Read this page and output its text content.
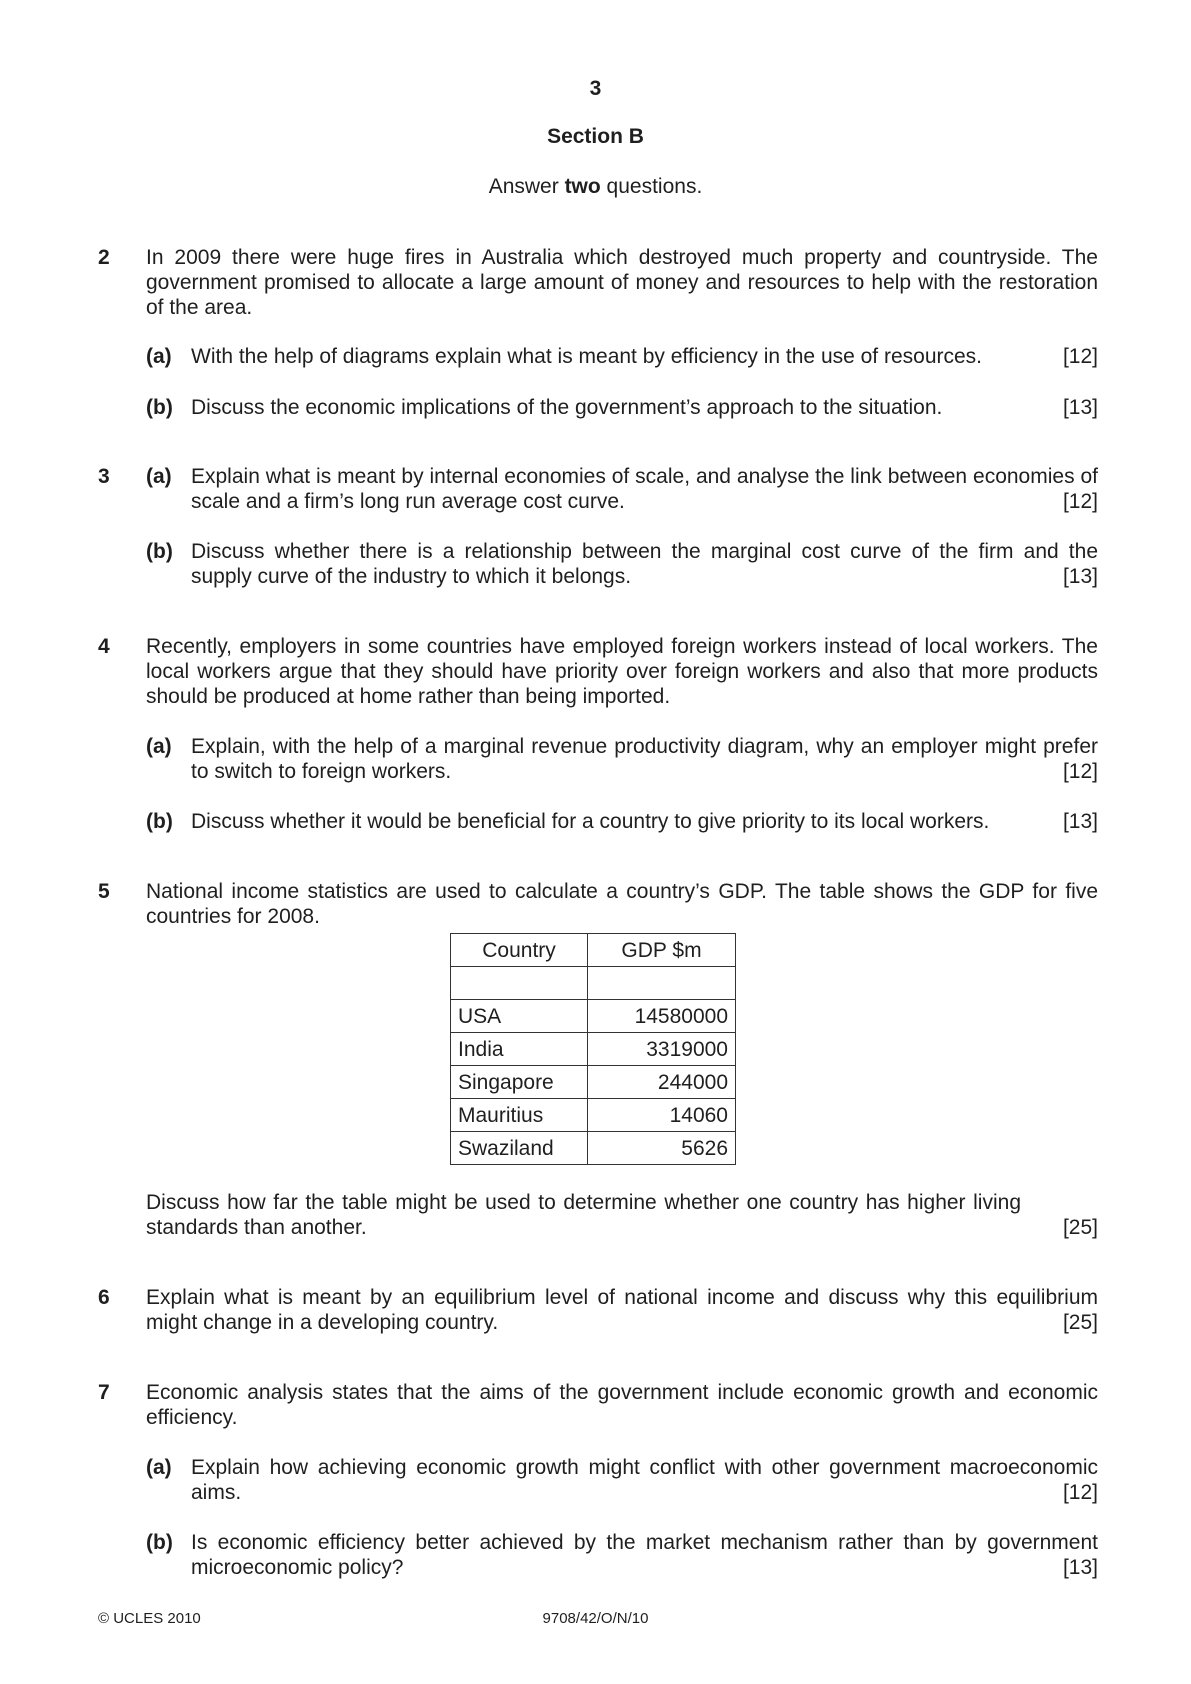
3
Section B
Answer two questions.
2	In 2009 there were huge fires in Australia which destroyed much property and countryside. The government promised to allocate a large amount of money and resources to help with the restoration of the area.
(a) With the help of diagrams explain what is meant by efficiency in the use of resources.	[12]
(b) Discuss the economic implications of the government’s approach to the situation.	[13]
3	(a) Explain what is meant by internal economies of scale, and analyse the link between economies of scale and a firm’s long run average cost curve.	[12]
(b) Discuss whether there is a relationship between the marginal cost curve of the firm and the supply curve of the industry to which it belongs.	[13]
4	Recently, employers in some countries have employed foreign workers instead of local workers. The local workers argue that they should have priority over foreign workers and also that more products should be produced at home rather than being imported.
(a) Explain, with the help of a marginal revenue productivity diagram, why an employer might prefer to switch to foreign workers.	[12]
(b) Discuss whether it would be beneficial for a country to give priority to its local workers.	[13]
5	National income statistics are used to calculate a country’s GDP. The table shows the GDP for five countries for 2008.
Country	GDP $m

USA	14580000
India	3319000
Singapore	244000
Mauritius	14060
Swaziland	5626
Discuss how far the table might be used to determine whether one country has higher living standards than another.	[25]
6	Explain what is meant by an equilibrium level of national income and discuss why this equilibrium might change in a developing country.	[25]
7	Economic analysis states that the aims of the government include economic growth and economic efficiency.
(a) Explain how achieving economic growth might conflict with other government macroeconomic aims.	[12]
(b) Is economic efficiency better achieved by the market mechanism rather than by government microeconomic policy?	[13]
© UCLES 2010	9708/42/O/N/10
